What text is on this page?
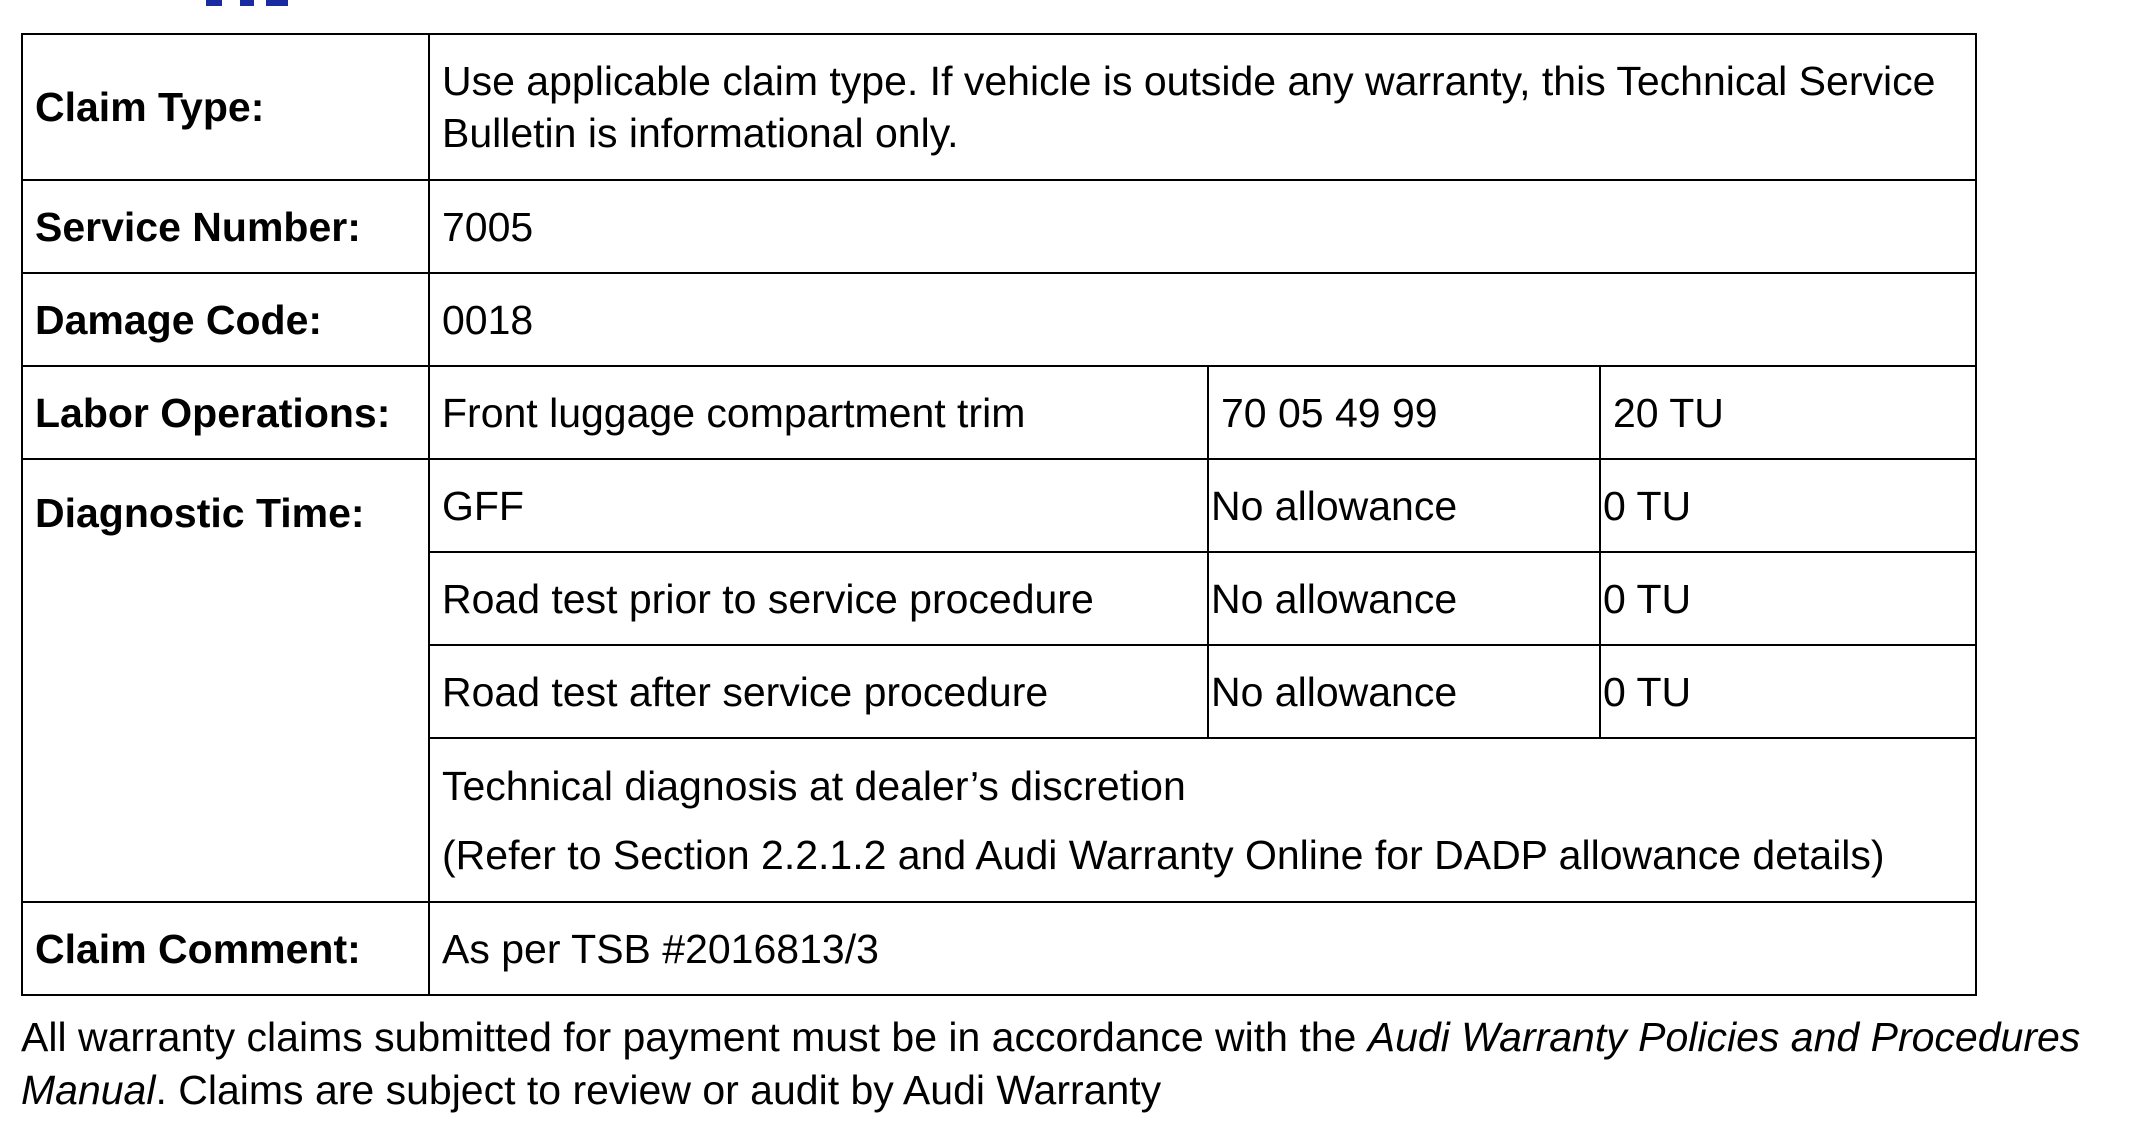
Claim Type:	Use applicable claim type. If vehicle is outside any warranty, this Technical Service Bulletin is informational only.		
Service Number:	7005		
Damage Code:	0018		
Labor Operations:	Front luggage compartment trim	70 05 49 99	20 TU
Diagnostic Time:	GFF	No allowance	0 TU
	Road test prior to service procedure	No allowance	0 TU
	Road test after service procedure	No allowance	0 TU

	Technical diagnosis at dealer’s discretion
(Refer to Section 2.2.1.2 and Audi Warranty Online for DADP allowance details)		

Claim Comment:	As per TSB #2016813/3		

All warranty claims submitted for payment must be in accordance with the Audi Warranty Policies and Procedures Manual. Claims are subject to review or audit by Audi Warranty
